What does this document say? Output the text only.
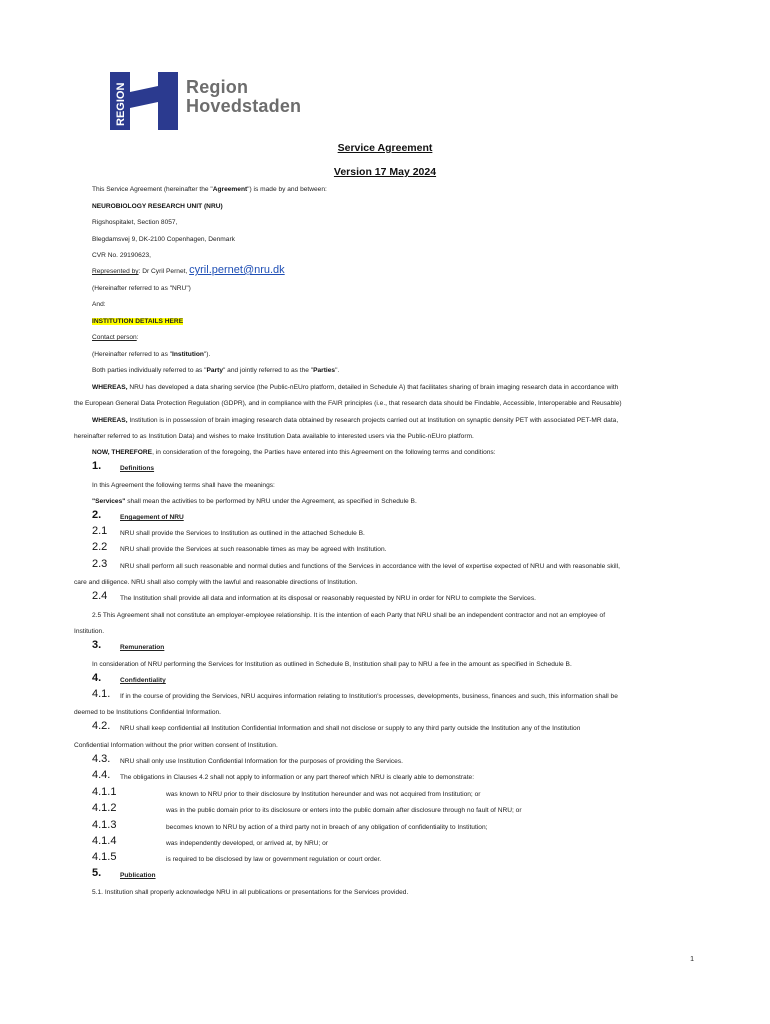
REGION	Region
Hovedstaden
Service Agreement
Version 17 May 2024
This Service Agreement (hereinafter the "Agreement") is made by and between:
NEUROBIOLOGY RESEARCH UNIT (NRU)
Rigshospitalet, Section 8057,
Blegdamsvej 9, DK-2100 Copenhagen, Denmark
CVR No. 29190623,
Represented by: Dr Cyril Pernet, cyril.pernet@nru.dk
(Hereinafter referred to as "NRU")
And:
INSTITUTION DETAILS HERE
Contact person:
(Hereinafter referred to as "Institution").
Both parties individually referred to as "Party" and jointly referred to as the "Parties".
WHEREAS, NRU has developed a data sharing service (the Public-nEUro platform, detailed in Schedule A) that facilitates sharing of brain imaging research data in accordance with
the European General Data Protection Regulation (GDPR), and in compliance with the FAIR principles (i.e., that research data should be Findable, Accessible, Interoperable and Reusable)
WHEREAS, Institution is in possession of brain imaging research data obtained by research projects carried out at Institution on synaptic density PET with associated PET-MR data,
hereinafter referred to as Institution Data) and wishes to make Institution Data available to interested users via the Public-nEUro platform.
NOW, THEREFORE, in consideration of the foregoing, the Parties have entered into this Agreement on the following terms and conditions:
1.	Definitions
In this Agreement the following terms shall have the meanings:
"Services" shall mean the activities to be performed by NRU under the Agreement, as specified in Schedule B.
2.	Engagement of NRU
2.1 NRU shall provide the Services to Institution as outlined in the attached Schedule B.
2.2 NRU shall provide the Services at such reasonable times as may be agreed with Institution.
2.3 NRU shall perform all such reasonable and normal duties and functions of the Services in accordance with the level of expertise expected of NRU and with reasonable skill,
care and diligence. NRU shall also comply with the lawful and reasonable directions of Institution.
2.4 The Institution shall provide all data and information at its disposal or reasonably requested by NRU in order for NRU to complete the Services.
2.5 This Agreement shall not constitute an employer-employee relationship. It is the intention of each Party that NRU shall be an independent contractor and not an employee of
Institution.
3.	Remuneration
In consideration of NRU performing the Services for Institution as outlined in Schedule B, Institution shall pay to NRU a fee in the amount as specified in Schedule B.
4.	Confidentiality
4.1. If in the course of providing the Services, NRU acquires information relating to Institution's processes, developments, business, finances and such, this information shall be
deemed to be Institutions Confidential Information.
4.2. NRU shall keep confidential all Institution Confidential Information and shall not disclose or supply to any third party outside the Institution any of the Institution
Confidential Information without the prior written consent of Institution.
4.3. NRU shall only use Institution Confidential Information for the purposes of providing the Services.
4.4. The obligations in Clauses 4.2 shall not apply to information or any part thereof which NRU is clearly able to demonstrate:
4.1.1	was known to NRU prior to their disclosure by Institution hereunder and was not acquired from Institution; or
4.1.2	was in the public domain prior to its disclosure or enters into the public domain after disclosure through no fault of NRU; or
4.1.3	becomes known to NRU by action of a third party not in breach of any obligation of confidentiality to Institution;
4.1.4	was independently developed, or arrived at, by NRU; or
4.1.5	is required to be disclosed by law or government regulation or court order.
5.	Publication
5.1. Institution shall properly acknowledge NRU in all publications or presentations for the Services provided.
1
